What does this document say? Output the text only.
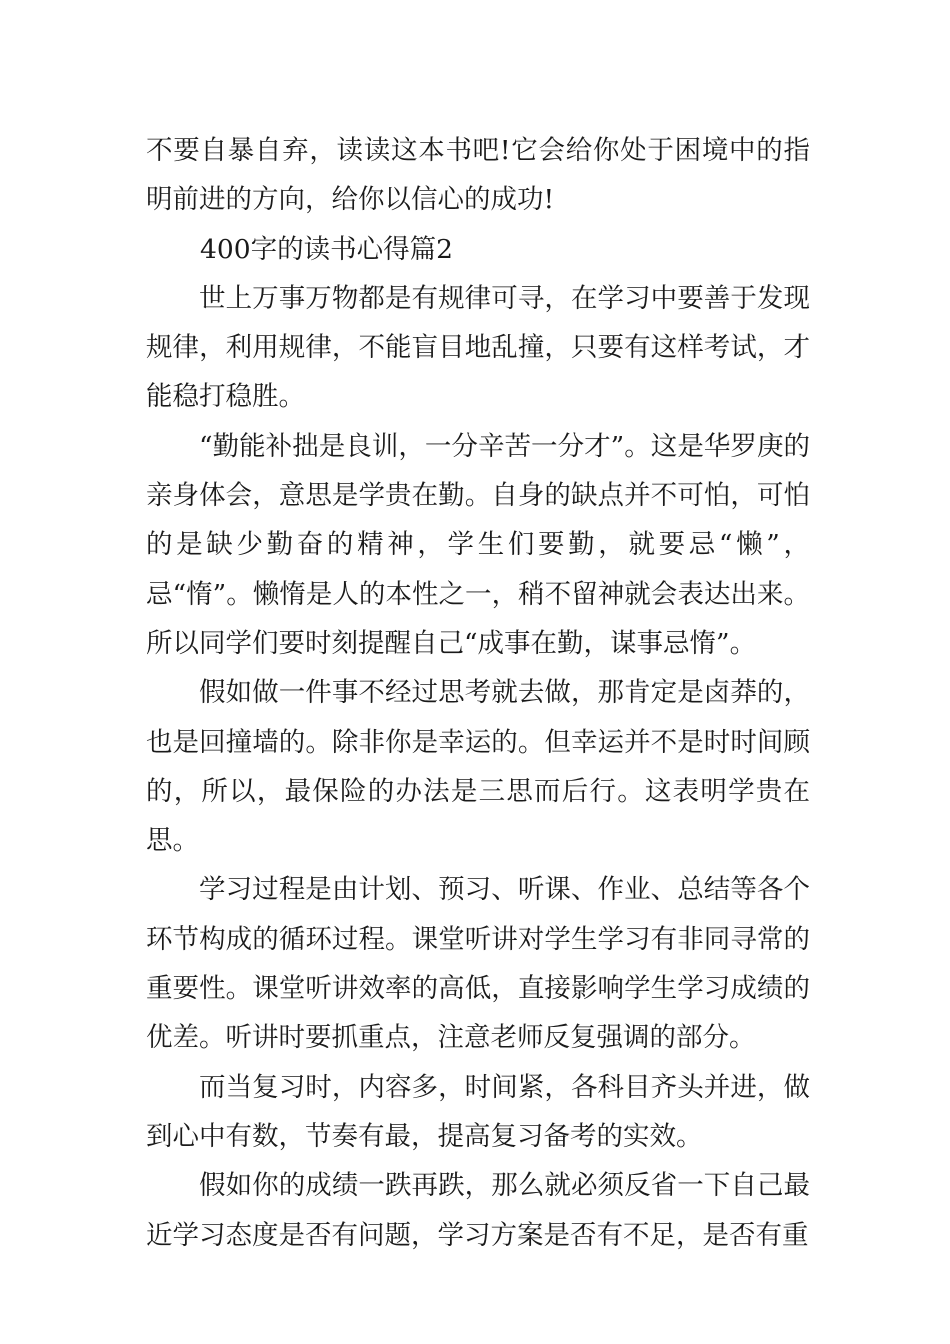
不要自暴自弃，读读这本书吧!它会给你处于困境中的指明前进的方向，给你以信心的成功!

400字的读书心得篇2

世上万事万物都是有规律可寻，在学习中要善于发现规律，利用规律，不能盲目地乱撞，只要有这样考试，才能稳打稳胜。

“勤能补拙是良训，一分辛苦一分才”。这是华罗庚的亲身体会，意思是学贵在勤。自身的缺点并不可怕，可怕的是缺少勤奋的精神，学生们要勤，就要忌“懒”，忌“惰”。懒惰是人的本性之一，稍不留神就会表达出来。所以同学们要时刻提醒自己“成事在勤，谋事忌惰”。

假如做一件事不经过思考就去做，那肯定是卤莽的，也是回撞墙的。除非你是幸运的。但幸运并不是时时间顾的，所以，最保险的办法是三思而后行。这表明学贵在思。

学习过程是由计划、预习、听课、作业、总结等各个环节构成的循环过程。课堂听讲对学生学习有非同寻常的重要性。课堂听讲效率的高低，直接影响学生学习成绩的优差。听讲时要抓重点，注意老师反复强调的部分。

而当复习时，内容多，时间紧，各科目齐头并进，做到心中有数，节奏有最，提高复习备考的实效。

假如你的成绩一跌再跌，那么就必须反省一下自己最近学习态度是否有问题，学习方案是否有不足，是否有重
